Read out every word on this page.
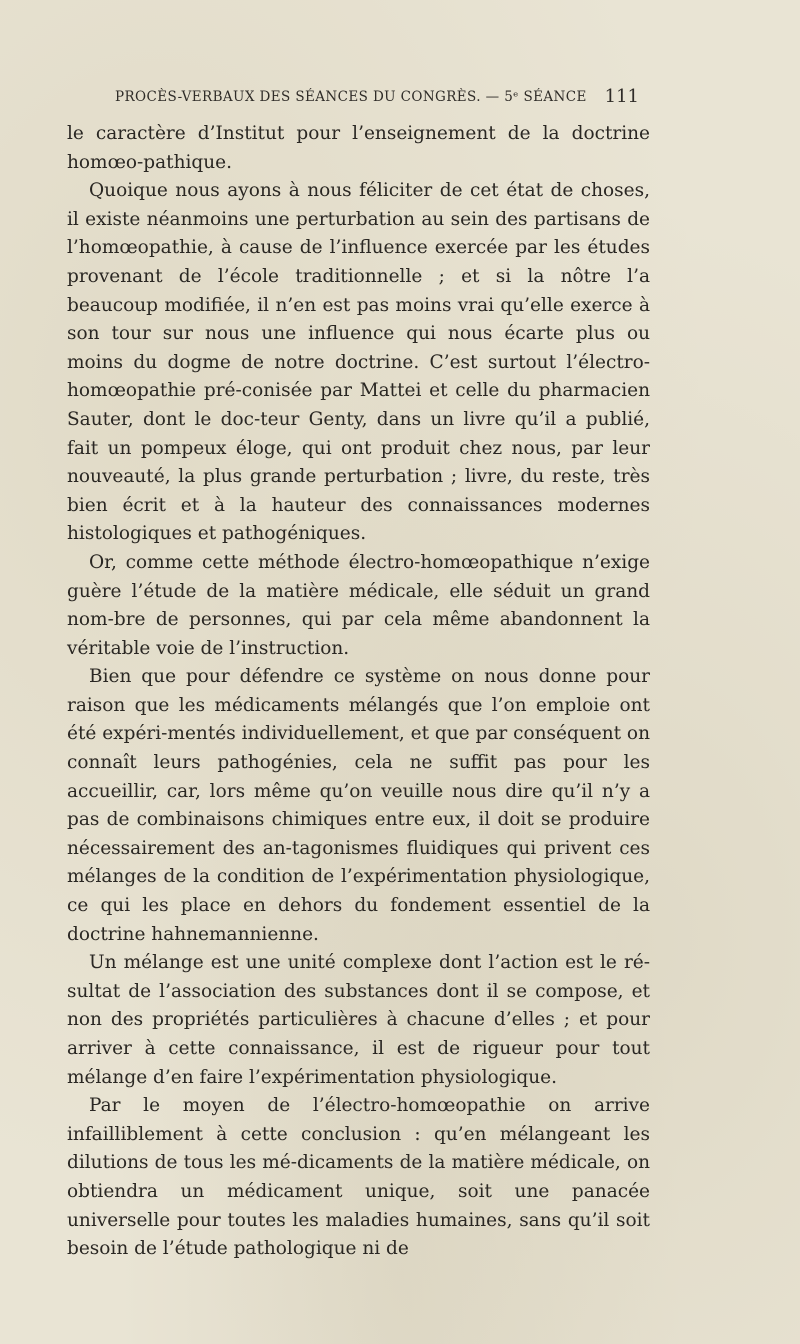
PROCÈS-VERBAUX DES SÉANCES DU CONGRÈS. — 5ᵉ SÉANCE 111

le caractère d’Institut pour l’enseignement de la doctrine homœo-pathique.

Quoique nous ayons à nous féliciter de cet état de choses, il existe néanmoins une perturbation au sein des partisans de l’homœopathie, à cause de l’influence exercée par les études provenant de l’école traditionnelle ; et si la nôtre l’a beaucoup modifiée, il n’en est pas moins vrai qu’elle exerce à son tour sur nous une influence qui nous écarte plus ou moins du dogme de notre doctrine. C’est surtout l’électro-homœopathie pré-conisée par Mattei et celle du pharmacien Sauter, dont le doc-teur Genty, dans un livre qu’il a publié, fait un pompeux éloge, qui ont produit chez nous, par leur nouveauté, la plus grande perturbation ; livre, du reste, très bien écrit et à la hauteur des connaissances modernes histologiques et pathogéniques.

Or, comme cette méthode électro-homœopathique n’exige guère l’étude de la matière médicale, elle séduit un grand nom-bre de personnes, qui par cela même abandonnent la véritable voie de l’instruction.

Bien que pour défendre ce système on nous donne pour raison que les médicaments mélangés que l’on emploie ont été expéri-mentés individuellement, et que par conséquent on connaît leurs pathogénies, cela ne suffit pas pour les accueillir, car, lors même qu’on veuille nous dire qu’il n’y a pas de combinaisons chimiques entre eux, il doit se produire nécessairement des an-tagonismes fluidiques qui privent ces mélanges de la condition de l’expérimentation physiologique, ce qui les place en dehors du fondement essentiel de la doctrine hahnemannienne.

Un mélange est une unité complexe dont l’action est le ré-sultat de l’association des substances dont il se compose, et non des propriétés particulières à chacune d’elles ; et pour arriver à cette connaissance, il est de rigueur pour tout mélange d’en faire l’expérimentation physiologique.

Par le moyen de l’électro-homœopathie on arrive infailliblement à cette conclusion : qu’en mélangeant les dilutions de tous les mé-dicaments de la matière médicale, on obtiendra un médicament unique, soit une panacée universelle pour toutes les maladies humaines, sans qu’il soit besoin de l’étude pathologique ni de
